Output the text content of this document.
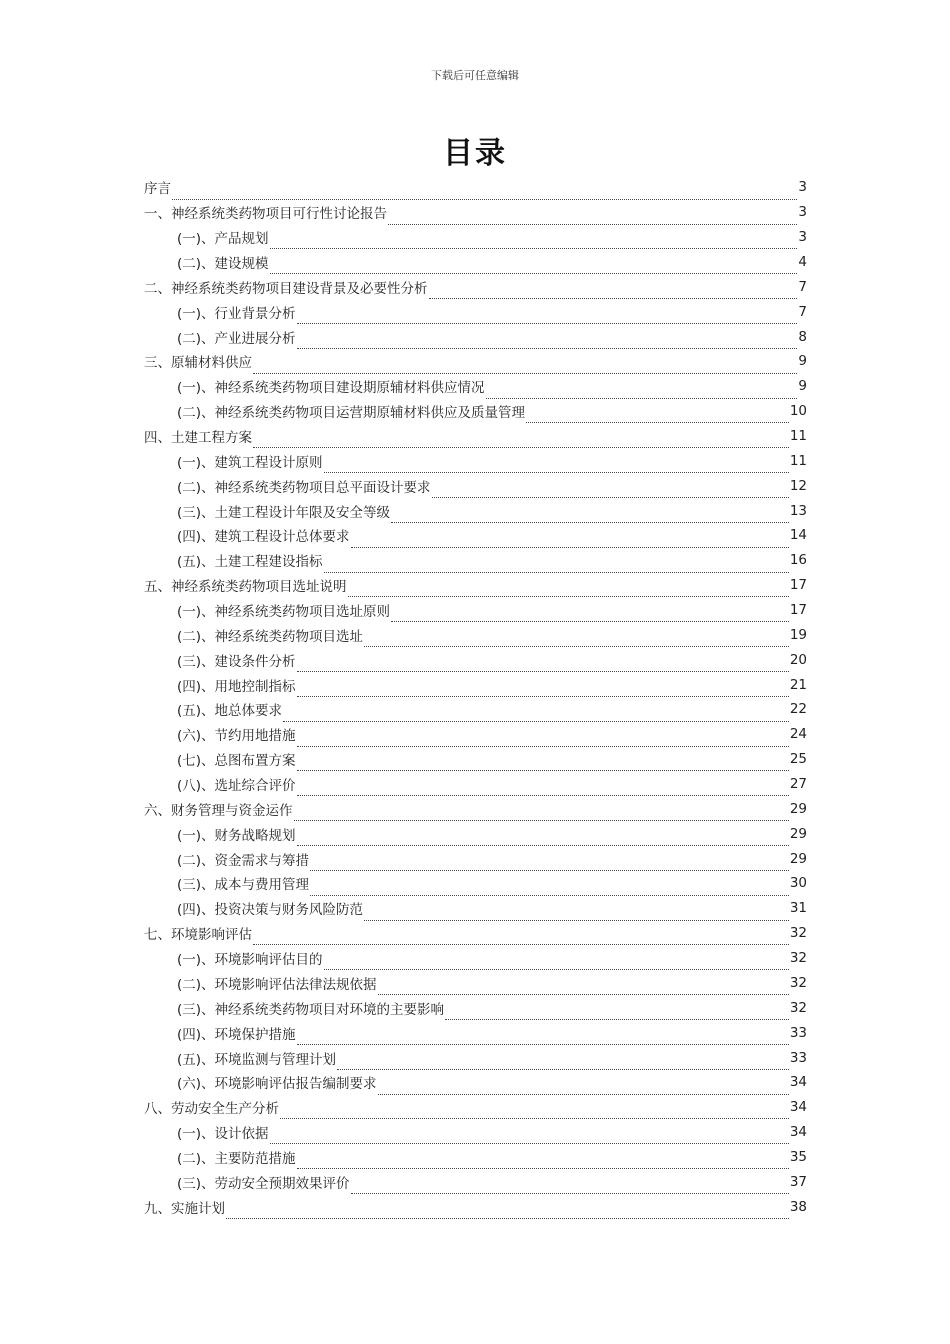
下载后可任意编辑
目录
序言	3
一、神经系统类药物项目可行性讨论报告	3
(一)、产品规划	3
(二)、建设规模	4
二、神经系统类药物项目建设背景及必要性分析	7
(一)、行业背景分析	7
(二)、产业进展分析	8
三、原辅材料供应	9
(一)、神经系统类药物项目建设期原辅材料供应情况	9
(二)、神经系统类药物项目运营期原辅材料供应及质量管理	10
四、土建工程方案	11
(一)、建筑工程设计原则	11
(二)、神经系统类药物项目总平面设计要求	12
(三)、土建工程设计年限及安全等级	13
(四)、建筑工程设计总体要求	14
(五)、土建工程建设指标	16
五、神经系统类药物项目选址说明	17
(一)、神经系统类药物项目选址原则	17
(二)、神经系统类药物项目选址	19
(三)、建设条件分析	20
(四)、用地控制指标	21
(五)、地总体要求	22
(六)、节约用地措施	24
(七)、总图布置方案	25
(八)、选址综合评价	27
六、财务管理与资金运作	29
(一)、财务战略规划	29
(二)、资金需求与筹措	29
(三)、成本与费用管理	30
(四)、投资决策与财务风险防范	31
七、环境影响评估	32
(一)、环境影响评估目的	32
(二)、环境影响评估法律法规依据	32
(三)、神经系统类药物项目对环境的主要影响	32
(四)、环境保护措施	33
(五)、环境监测与管理计划	33
(六)、环境影响评估报告编制要求	34
八、劳动安全生产分析	34
(一)、设计依据	34
(二)、主要防范措施	35
(三)、劳动安全预期效果评价	37
九、实施计划	38
